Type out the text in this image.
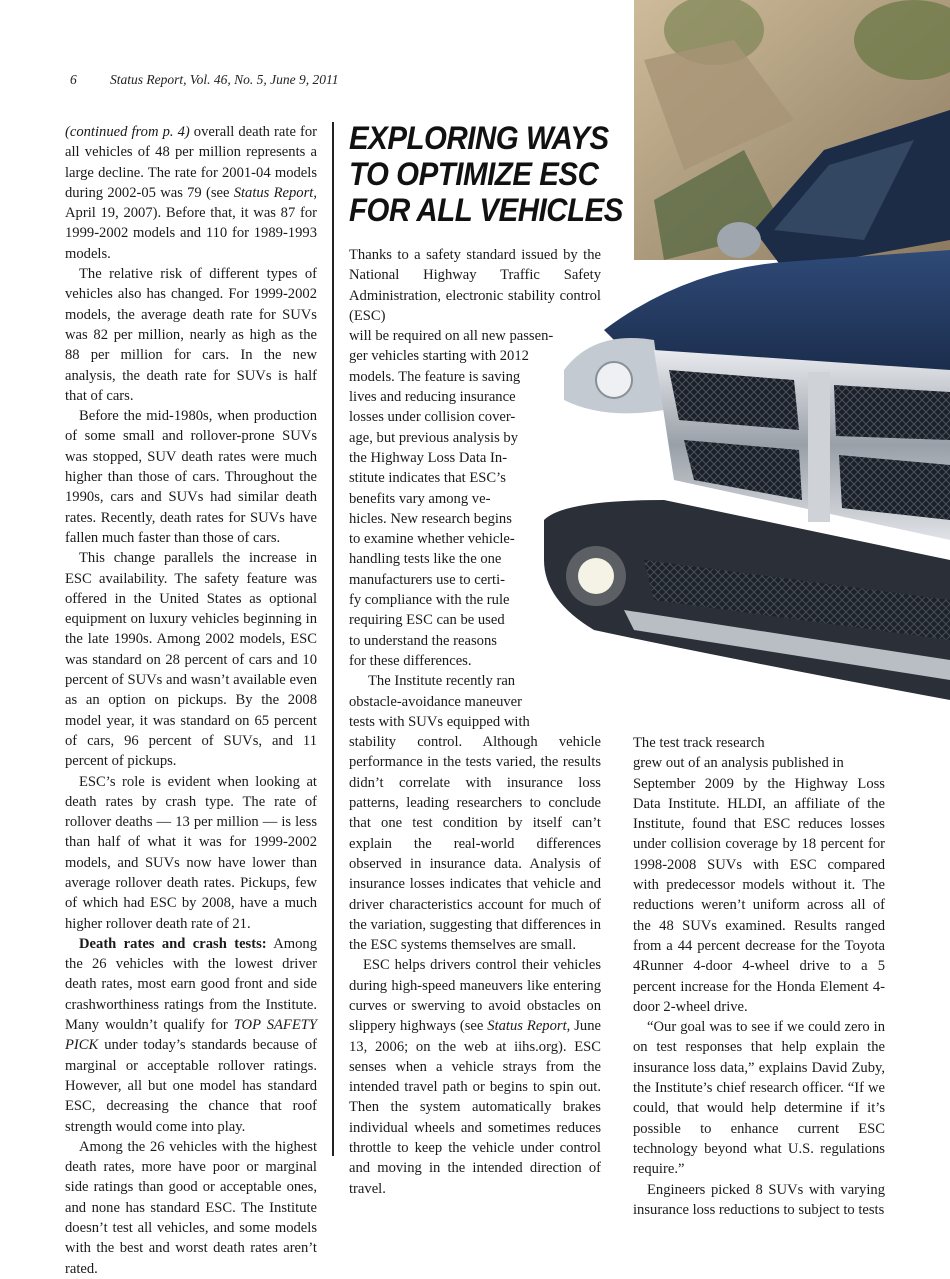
6 Status Report, Vol. 46, No. 5, June 9, 2011

(continued from p. 4) overall death rate for all vehicles of 48 per million represents a large decline. The rate for 2001-04 models during 2002-05 was 79 (see Status Report, April 19, 2007). Before that, it was 87 for 1999-2002 models and 110 for 1989-1993 models.

The relative risk of different types of vehicles also has changed. For 1999-2002 models, the average death rate for SUVs was 82 per million, nearly as high as the 88 per million for cars. In the new analysis, the death rate for SUVs is half that of cars.

Before the mid-1980s, when production of some small and rollover-prone SUVs was stopped, SUV death rates were much higher than those of cars. Throughout the 1990s, cars and SUVs had similar death rates. Recently, death rates for SUVs have fallen much faster than those of cars.

This change parallels the increase in ESC availability. The safety feature was offered in the United States as optional equipment on luxury vehicles beginning in the late 1990s. Among 2002 models, ESC was standard on 28 percent of cars and 10 percent of SUVs and wasn’t available even as an option on pickups. By the 2008 model year, it was standard on 65 percent of cars, 96 percent of SUVs, and 11 percent of pickups.

ESC’s role is evident when looking at death rates by crash type. The rate of rollover deaths — 13 per million — is less than half of what it was for 1999-2002 models, and SUVs now have lower than average rollover death rates. Pickups, few of which had ESC by 2008, have a much higher rollover death rate of 21.

Death rates and crash tests: Among the 26 vehicles with the lowest driver death rates, most earn good front and side crashworthiness ratings from the Institute. Many wouldn’t qualify for TOP SAFETY PICK under today’s standards because of marginal or acceptable rollover ratings. However, all but one model has standard ESC, decreasing the chance that roof strength would come into play.

Among the 26 vehicles with the highest death rates, more have poor or marginal side ratings than good or acceptable ones, and none has standard ESC. The Institute doesn’t test all vehicles, and some models with the best and worst death rates aren’t rated.

EXPLORING WAYS
TO OPTIMIZE ESC
FOR ALL VEHICLES

Thanks to a safety standard issued by the National Highway Traffic Safety Administration, electronic stability control (ESC)

will be required on all new passen-
ger vehicles starting with 2012
models. The feature is saving
lives and reducing insurance
losses under collision cover-
age, but previous analysis by
the Highway Loss Data In-
stitute indicates that ESC’s
benefits vary among ve-
hicles. New research begins
to examine whether vehicle-
handling tests like the one
manufacturers use to certi-
fy compliance with the rule
requiring ESC can be used
to understand the reasons
for these differences.
The Institute recently ran
obstacle-avoidance maneuver
tests with SUVs equipped with

stability control. Although vehicle performance in the tests varied, the results didn’t correlate with insurance loss patterns, leading researchers to conclude that one test condition by itself can’t explain the real-world differences observed in insurance data. Analysis of insurance losses indicates that vehicle and driver characteristics account for much of the variation, suggesting that differences in the ESC systems themselves are small.

ESC helps drivers control their vehicles during high-speed maneuvers like entering curves or swerving to avoid obstacles on slippery highways (see Status Report, June 13, 2006; on the web at iihs.org). ESC senses when a vehicle strays from the intended travel path or begins to spin out. Then the system automatically brakes individual wheels and sometimes reduces throttle to keep the vehicle under control and moving in the intended direction of travel.

The test track research
grew out of an analysis published in

September 2009 by the Highway Loss Data Institute. HLDI, an affiliate of the Institute, found that ESC reduces losses under collision coverage by 18 percent for 1998-2008 SUVs with ESC compared with predecessor models without it. The reductions weren’t uniform across all of the 48 SUVs examined. Results ranged from a 44 percent decrease for the Toyota 4Runner 4-door 4-wheel drive to a 5 percent increase for the Honda Element 4-door 2-wheel drive.

“Our goal was to see if we could zero in on test responses that help explain the insurance loss data,” explains David Zuby, the Institute’s chief research officer. “If we could, that would help determine if it’s possible to enhance current ESC technology beyond what U.S. regulations require.”

Engineers picked 8 SUVs with varying insurance loss reductions to subject to tests
